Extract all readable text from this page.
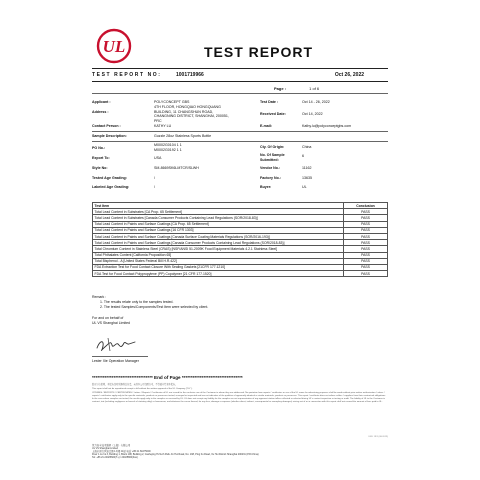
UL	TEST REPORT
TEST REPORT NO:	1001719966	Oct 26, 2022
Page :	1 of 6
Applicant :	POLYCONCEPT GBS
Address :
4TH FLOOR, HONGQIAO HONGQUANG BUILDING, 11 CHANGSHUN ROAD, CHANGNING DISTRICT, SHANGHAI, 200051, PRC
Contact Person :	KATHY LU
Sample Description:	Guzzle 28oz Stainless Sports Bottle
PO No.:
M0002G0104 1 1
M0002G0192 1 1
Export To:	USA
Style No:	SM-8669SK6LMTCR/SLWH
Tested Age Grading:	/
Labeled Age Grading:	/
Test Date :	Oct 14 - 26, 2022
Received Date:	Oct 14, 2022
E-mail:	Kathy.lu@polyconceptgbs.com
Cty. Of Origin:	China
No. Of Sample Submitted:
6
Vendor No.:	11162
Factory No.:	13635
Buyer:	UL
Test Item	Conclusion
Total Lead Content in Substrates [CA Prop. 65 Settlement]	PASS
Total Lead Content in Substrates [Canada Consumer Products Containing Lead Regulations (SOR/2018-83)]	PASS
Total Lead Content in Paints and Surface Coatings [CA Prop. 65 Settlement]	PASS
Total Lead Content in Paints and Surface Coatings [16 CFR 1303]	PASS
Total Lead Content in Paints and Surface Coatings [Canada Surface Coating Materials Regulations (SOR/2016-193)]	PASS
Total Lead Content in Paints and Surface Coatings [Canada Consumer Products Containing Lead Regulations (SOR/2018-83)]	PASS
Total Chromium Content in Stainless Steel (CRAS) [NSF/ANSI 51-2009K Food Equipment Materials 4.2.1 Stainless Steel]	PASS
Total Phthalates Content [California Proposition 65]	PASS
Total Bisphenol - A [United States Federal Bill H.R.422]	PASS
FDA Extraction Test for Food Contact Closure With Sealing Gaskets [21CFR 177.1210]	PASS
FDA Test for Food Contact Polypropylene (PP) Copolymer [21 CFR 177.1520]	PASS
Remark :
1. The results relate only to the samples tested.
2. The tested Samples/Components/Test Item were selected by client.
For and on behalf of
UL VS Shanghai Limited
Lester Xie Operation Manager
********************************** End of Page **********************************

除非另有说明，本报告仅对所测样品负责。未经本公司书面许可，不得部分复制本报告。

This report shall not be reproduced except in full without the written approval of the UL Company ("UL").

CITERIES / REPORTS / CERTIFICATES / Letters / Reports / Certificates of UL are issued for the exclusive use of the Customer to whom they are addressed. No quotation from reports / certificates or use of the UL name for advertising purposes shall be made without prior written authorization. Letters / reports / certificates apply only to the specific materials, products or processes tested, surveyed or inspected and are not indicative of the qualities of apparently identical or similar materials, products or processes. This report / certificate does not relieve sellers / suppliers from their contractual obligations. In the case where samples are tested, the results apply only to the samples as received by UL. UL does not accept any liability for the samples are not representative of any apparent station tallies collected or selected during UL's contact inspection or testing or audit. The liability of UL to the Customer in contract, tort (including negligence or breach of statutory duty) or howsoever, and whatever the cause thereof, for any loss, damage or expense (whether direct, indirect, consequential or exemplary damages) arising out of or in connection with this report shall not exceed the amount of fees paid to UL.

UKD 19/1 (08-2019)
优力安全技术服务（上海）有限公司
UL VS Shanghai Limited
上海市闵行区浦江镇 1号楼 11层 电话 +86 21 61075000
Floor 1 & 2 & 3, Building 1, Block 108, Building 2, Caohejing Hi-Tech Park Jin Hui Road, No. 198, Ping Fu Road, Xu Hui District Shanghai 200231 (P.R.China)
Tel: +86 21 24025600(T+) / 24025800(Fax)
